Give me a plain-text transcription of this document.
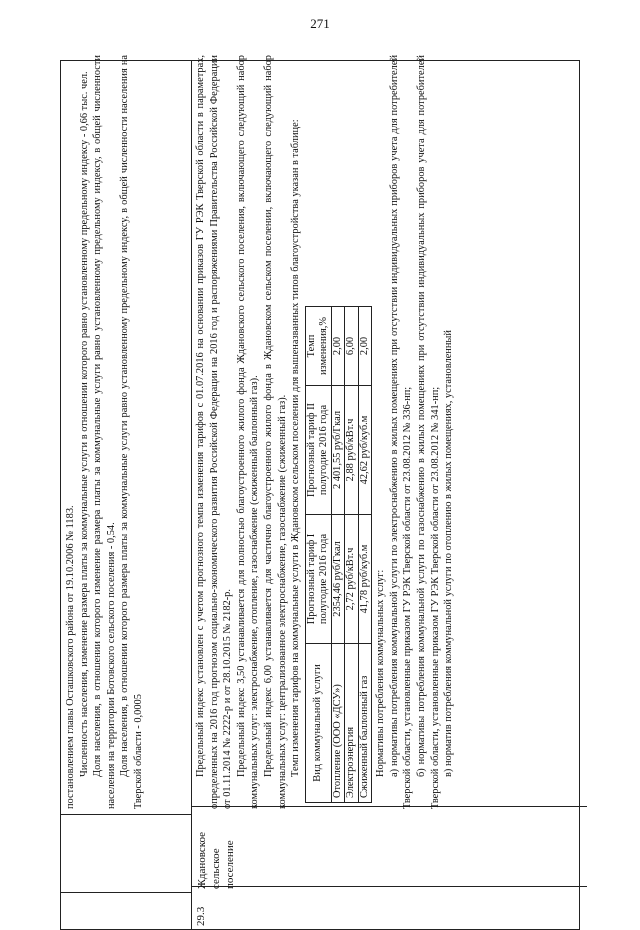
271

постановлением главы Осташковского района от 19.10.2006 № 1183. Численность населения, изменение размера платы за коммунальные услуги в отношении которого равно установленному предельному индексу - 0,66 тыс. чел. Доля населения, в отношении которого изменение размера платы за коммунальные услуги равно установленному предельному индексу, в общей численности населения на территории Ботовского сельского поселения - 0,54. Доля населения, в отношении которого размера платы за коммунальные услуги равно установленному предельному индексу, в общей численности населения на Тверской области - 0,0005

29.3
Ждановское сельское поселение

Предельный индекс установлен с учетом прогнозного темпа изменения тарифов с 01.07.2016 на основании приказов ГУ РЭК Тверской области в параметрах, определенных на 2016 год прогнозом социально-экономического развития Российской Федерации на 2016 год и распоряжениями Правительства Российской Федерации от 01.11.2014 № 2222-р и от 28.10.2015 № 2182-р. Предельный индекс 3,50 устанавливается для полностью благоустроенного жилого фонда Ждановского сельского поселения, включающего следующий набор коммунальных услуг: электроснабжение, отопление, газоснабжение (сжиженный баллонный газ). Предельный индекс 6,00 устанавливается для частично благоустроенного жилого фонда в Ждановском сельском поселении, включающего следующий набор коммунальных услуг: централизованное электроснабжение, газоснабжение (сжиженный газ). Темп изменения тарифов на коммунальные услуги в Ждановском сельском поселении для вышеназванных типов благоустройства указан в таблице: Вид коммунальной услуги	Прогнозный тариф I полугодие 2016 года	Прогнозный тариф II полугодие 2016 года	Темп изменения,%
Отопление (ООО «ДСУ»)	2354,46 руб/Гкал	2 401,55 руб/Гкал	2,00
Электроэнергия	2,72 руб/кВт.ч	2,88 руб/кВт.ч	6,00
Сжиженный баллонный газ	41,78 руб/куб.м	42,62 руб/куб.м	2,00

Нормативы потребления коммунальных услуг: а) нормативы потребления коммунальной услуги по электроснабжению в жилых помещениях при отсутствии индивидуальных приборов учета для потребителей Тверской области, установленные приказом ГУ РЭК Тверской области от 23.08.2012 № 336-нп; б) нормативы потребления коммунальной услуги по газоснабжению в жилых помещениях при отсутствии индивидуальных приборов учета для потребителей Тверской области, установленные приказом ГУ РЭК Тверской области от 23.08.2012 № 341-нп; в) норматив потребления коммунальной услуги по отоплению в жилых помещениях, установленный
